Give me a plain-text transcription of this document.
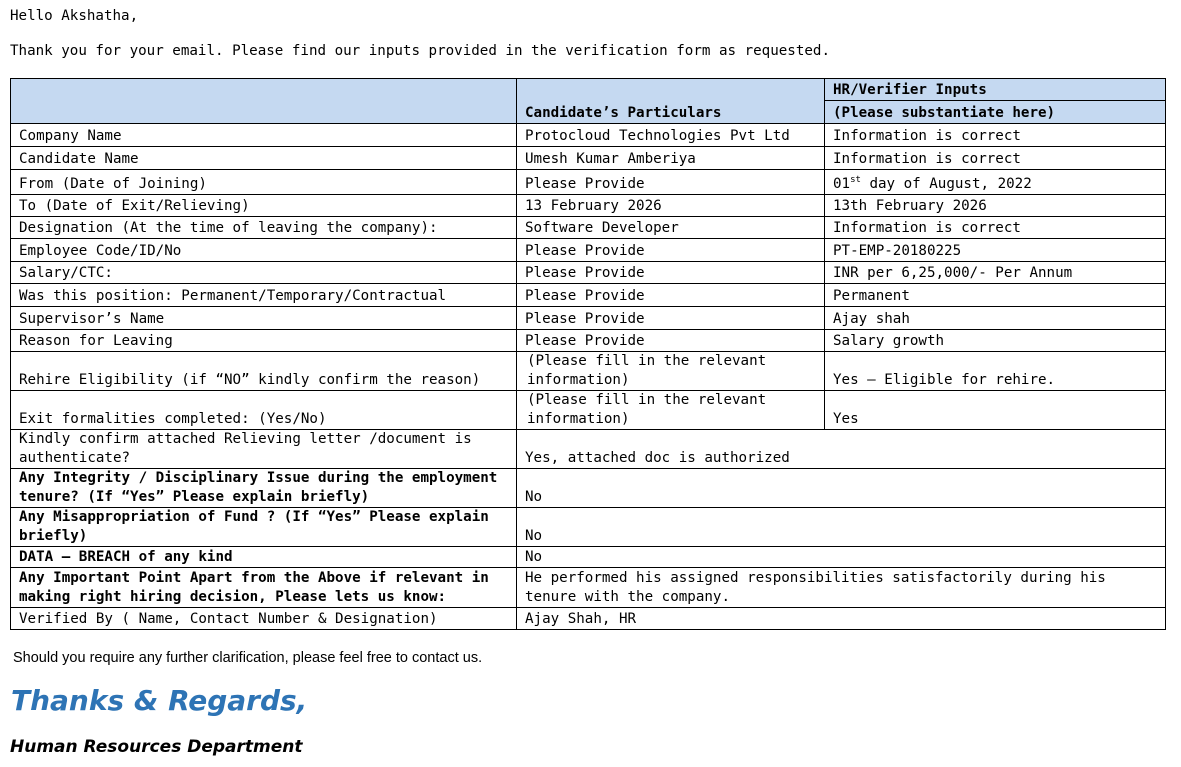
Hello Akshatha,
Thank you for your email. Please find our inputs provided in the verification form as requested.
	Candidate’s Particulars	HR/Verifier Inputs
		(Please substantiate here)
Company Name	Protocloud Technologies Pvt Ltd	Information is correct
Candidate Name	Umesh Kumar Amberiya	Information is correct
From (Date of Joining)	Please Provide	01st day of August, 2022
To (Date of Exit/Relieving)	13 February 2026	13th February 2026
Designation (At the time of leaving the company):	Software Developer	Information is correct
Employee Code/ID/No	Please Provide	PT-EMP-20180225
Salary/CTC:	Please Provide	INR per 6,25,000/- Per Annum
Was this position: Permanent/Temporary/Contractual	Please Provide	Permanent
Supervisor’s Name	Please Provide	Ajay shah
Reason for Leaving	Please Provide	Salary growth
Rehire Eligibility (if “NO” kindly confirm the reason)	(Please fill in the relevant information)	Yes – Eligible for rehire.
Exit formalities completed: (Yes/No)	(Please fill in the relevant information)	Yes
Kindly confirm attached Relieving letter /document is authenticate?	Yes, attached doc is authorized	
Any Integrity / Disciplinary Issue during the employment tenure? (If “Yes” Please explain briefly)	No	
Any Misappropriation of Fund ? (If “Yes” Please explain briefly)	No	
DATA – BREACH of any kind	No	
Any Important Point Apart from the Above if relevant in making right hiring decision, Please lets us know:	He performed his assigned responsibilities satisfactorily during his tenure with the company.	
Verified By ( Name, Contact Number & Designation)	Ajay Shah, HR	
Should you require any further clarification, please feel free to contact us.
Thanks & Regards,
Human Resources Department
